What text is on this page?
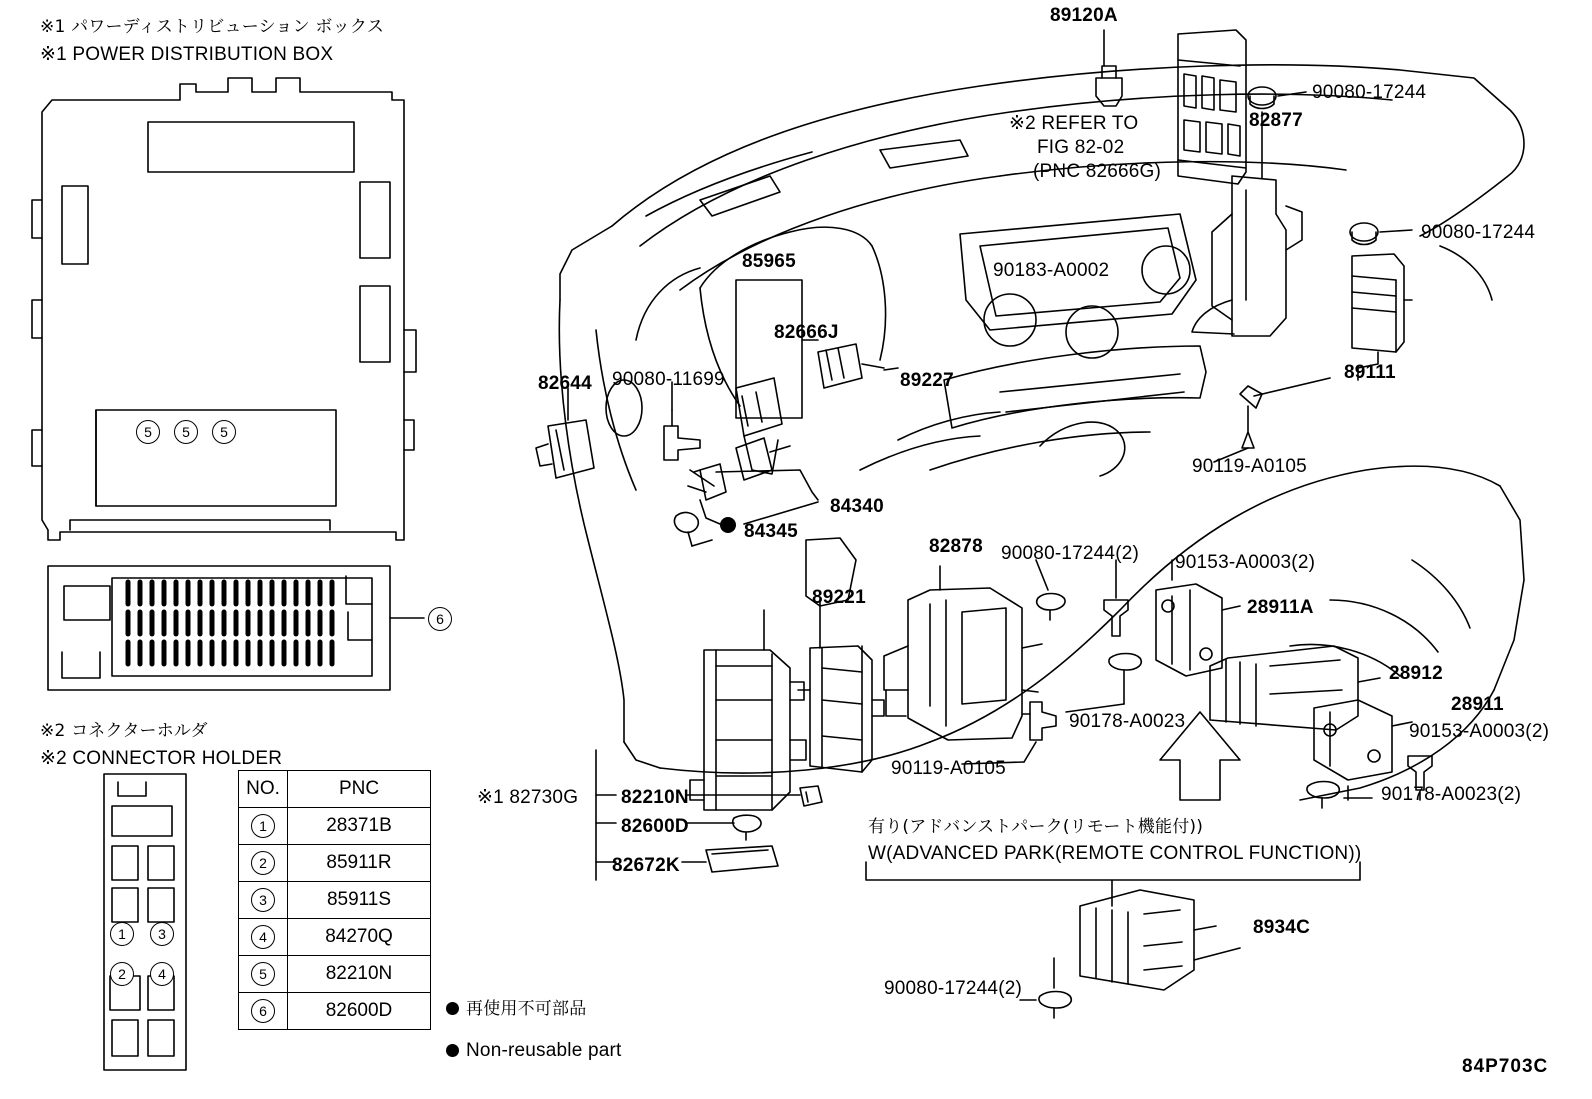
※1 パワーディストリビューション ボックス
※1 POWER DISTRIBUTION BOX
※2 コネクターホルダ
※2 CONNECTOR HOLDER
5	5	5
6
1	3
2	4
NO.	PNC
1	28371B
2	85911R
3	85911S
4	84270Q
5	82210N
6	82600D	再使用不可部品
Non-reusable part
※2 REFER TO
FIG 82-02
(PNC 82666G)
有り(アドバンストパーク(リモート機能付))
W(ADVANCED PARK(REMOTE CONTROL FUNCTION))
84P703C
89120A
90080-17244
82877
90080-17244
85965	90183-A0002
82666J
89111
82644 90080-11699	89227
90119-A0105
84340
84345
82878 90080-17244(2) 90153-A0003(2)
28911A
89221
28912
28911
90178-A0023	90153-A0003(2)
90119-A0105
90178-A0023(2)
※1 82730G 82210N
82600D
82672K
8934C
90080-17244(2)
